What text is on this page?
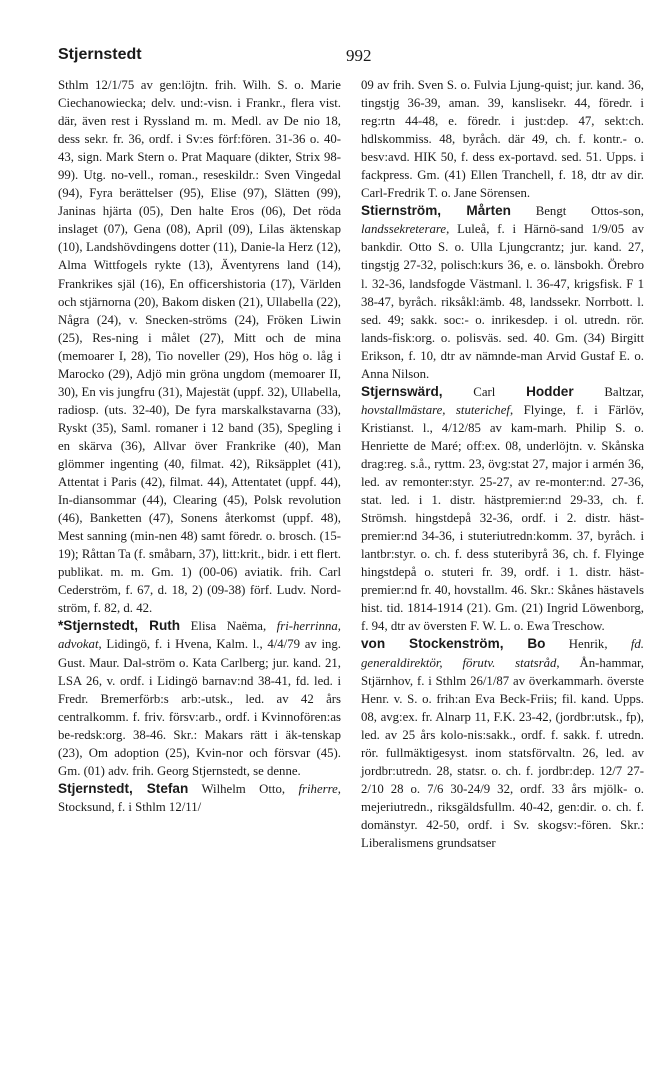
Stjernstedt	992

Sthlm 12/1/75 av gen:löjtn. frih. Wilh. S. o. Marie Ciechanowiecka; delv. und:-visn. i Frankr., flera vist. där, även rest i Ryssland m. m. Medl. av De nio 18, dess sekr. fr. 36, ordf. i Sv:es förf:fören. 31-36 o. 40-43, sign. Mark Stern o. Prat Maquare (dikter, Strix 98-99). Utg. no-vell., roman., reseskildr.: Sven Vingedal (94), Fyra berättelser (95), Elise (97), Slätten (99), Janinas hjärta (05), Den halte Eros (06), Det röda inslaget (07), Gena (08), April (09), Lilas äktenskap (10), Landshövdingens dotter (11), Danie-la Herz (12), Alma Wittfogels rykte (13), Äventyrens land (14), Frankrikes själ (16), En officershistoria (17), Världen och stjärnorna (20), Bakom disken (21), Ullabella (22), Några (24), v. Snecken-ströms (24), Fröken Liwin (25), Res-ning i målet (27), Mitt och de mina (memoarer I, 28), Tio noveller (29), Hos hög o. låg i Marocko (29), Adjö min gröna ungdom (memoarer II, 30), En vis jungfru (31), Majestät (uppf. 32), Ullabella, radiosp. (uts. 32-40), De fyra marskalkstavarna (33), Ryskt (35), Saml. romaner i 12 band (35), Spegling i en skärva (36), Allvar över Frankrike (40), Man glömmer ingenting (40, filmat. 42), Riksäpplet (41), Attentat i Paris (42), filmat. 44), Attentatet (uppf. 44), In-diansommar (44), Clearing (45), Polsk revolution (46), Banketten (47), Sonens återkomst (uppf. 48), Mest sanning (min-nen 48) samt föredr. o. brosch. (15-19); Råttan Ta (f. småbarn, 37), litt:krit., bidr. i ett flert. publikat. m. m. Gm. 1) (00-06) aviatik. frih. Carl Cederström, f. 67, d. 18, 2) (09-38) förf. Ludv. Nord-ström, f. 82, d. 42.

*Stjernstedt, Ruth Elisa Naëma, fri-herrinna, advokat, Lidingö, f. i Hvena, Kalm. l., 4/4/79 av ing. Gust. Maur. Dal-ström o. Kata Carlberg; jur. kand. 21, LSA 26, v. ordf. i Lidingö barnav:nd 38-41, fd. led. i Fredr. Bremerförb:s arb:-utsk., led. av 42 års centralkomm. f. friv. försv:arb., ordf. i Kvinnofören:as be-redsk:org. 38-46. Skr.: Makars rätt i äk-tenskap (23), Om adoption (25), Kvin-nor och försvar (45). Gm. (01) adv. frih. Georg Stjernstedt, se denne.

Stjernstedt, Stefan Wilhelm Otto, friherre, Stocksund, f. i Sthlm 12/11/

09 av frih. Sven S. o. Fulvia Ljung-quist; jur. kand. 36, tingstjg 36-39, aman. 39, kanslisekr. 44, föredr. i reg:rtn 44-48, e. föredr. i just:dep. 47, sekt:ch. hdlskommiss. 48, byråch. där 49, ch. f. kontr.- o. besv:avd. HIK 50, f. dess ex-portavd. sed. 51. Upps. i fackpress. Gm. (41) Ellen Tranchell, f. 18, dtr av dir. Carl-Fredrik T. o. Jane Sörensen.

Stiernström, Mårten Bengt Ottos-son, landssekreterare, Luleå, f. i Härnö-sand 1/9/05 av bankdir. Otto S. o. Ulla Ljungcrantz; jur. kand. 27, tingstjg 27-32, polisch:kurs 36, e. o. länsbokh. Örebro l. 32-36, landsfogde Västmanl. l. 36-47, krigsfisk. F 1 38-47, byråch. riksåkl:ämb. 48, landssekr. Norrbott. l. sed. 49; sakk. soc:- o. inrikesdep. i ol. utredn. rör. lands-fisk:org. o. polisväs. sed. 40. Gm. (34) Birgitt Erikson, f. 10, dtr av nämnde-man Arvid Gustaf E. o. Anna Nilson.

Stjernswärd, Carl Hodder Baltzar, hovstallmästare, stuterichef, Flyinge, f. i Färlöv, Kristianst. l., 4/12/85 av kam-marh. Philip S. o. Henriette de Maré; off:ex. 08, underlöjtn. v. Skånska drag:reg. s.å., ryttm. 23, övg:stat 27, major i armén 36, led. av remonter:styr. 25-27, av re-monter:nd. 27-36, stat. led. i 1. distr. hästpremier:nd 29-33, ch. f. Strömsh. hingstdepå 32-36, ordf. i 2. distr. häst-premier:nd 34-36, i stuteriutredn:komm. 37, byråch. i lantbr:styr. o. ch. f. dess stuteribyrå 36, ch. f. Flyinge hingstdepå o. stuteri fr. 39, ordf. i 1. distr. häst-premier:nd fr. 40, hovstallm. 46. Skr.: Skånes hästavels hist. tid. 1814-1914 (21). Gm. (21) Ingrid Löwenborg, f. 94, dtr av översten F. W. L. o. Ewa Treschow.

von Stockenström, Bo Henrik, fd. generaldirektör, förutv. statsråd, Ån-hammar, Stjärnhov, f. i Sthlm 26/1/87 av överkammarh. överste Henr. v. S. o. frih:an Eva Beck-Friis; fil. kand. Upps. 08, avg:ex. fr. Alnarp 11, F.K. 23-42, (jordbr:utsk., fp), led. av 25 års kolo-nis:sakk., ordf. f. sakk. f. utredn. rör. fullmäktigesyst. inom statsförvaltn. 26, led. av jordbr:utredn. 28, statsr. o. ch. f. jordbr:dep. 12/7 27-2/10 28 o. 7/6 30-24/9 32, ordf. 33 års mjölk- o. mejeriutredn., riksgäldsfullm. 40-42, gen:dir. o. ch. f. domänstyr. 42-50, ordf. i Sv. skogsv:-fören. Skr.: Liberalismens grundsatser
